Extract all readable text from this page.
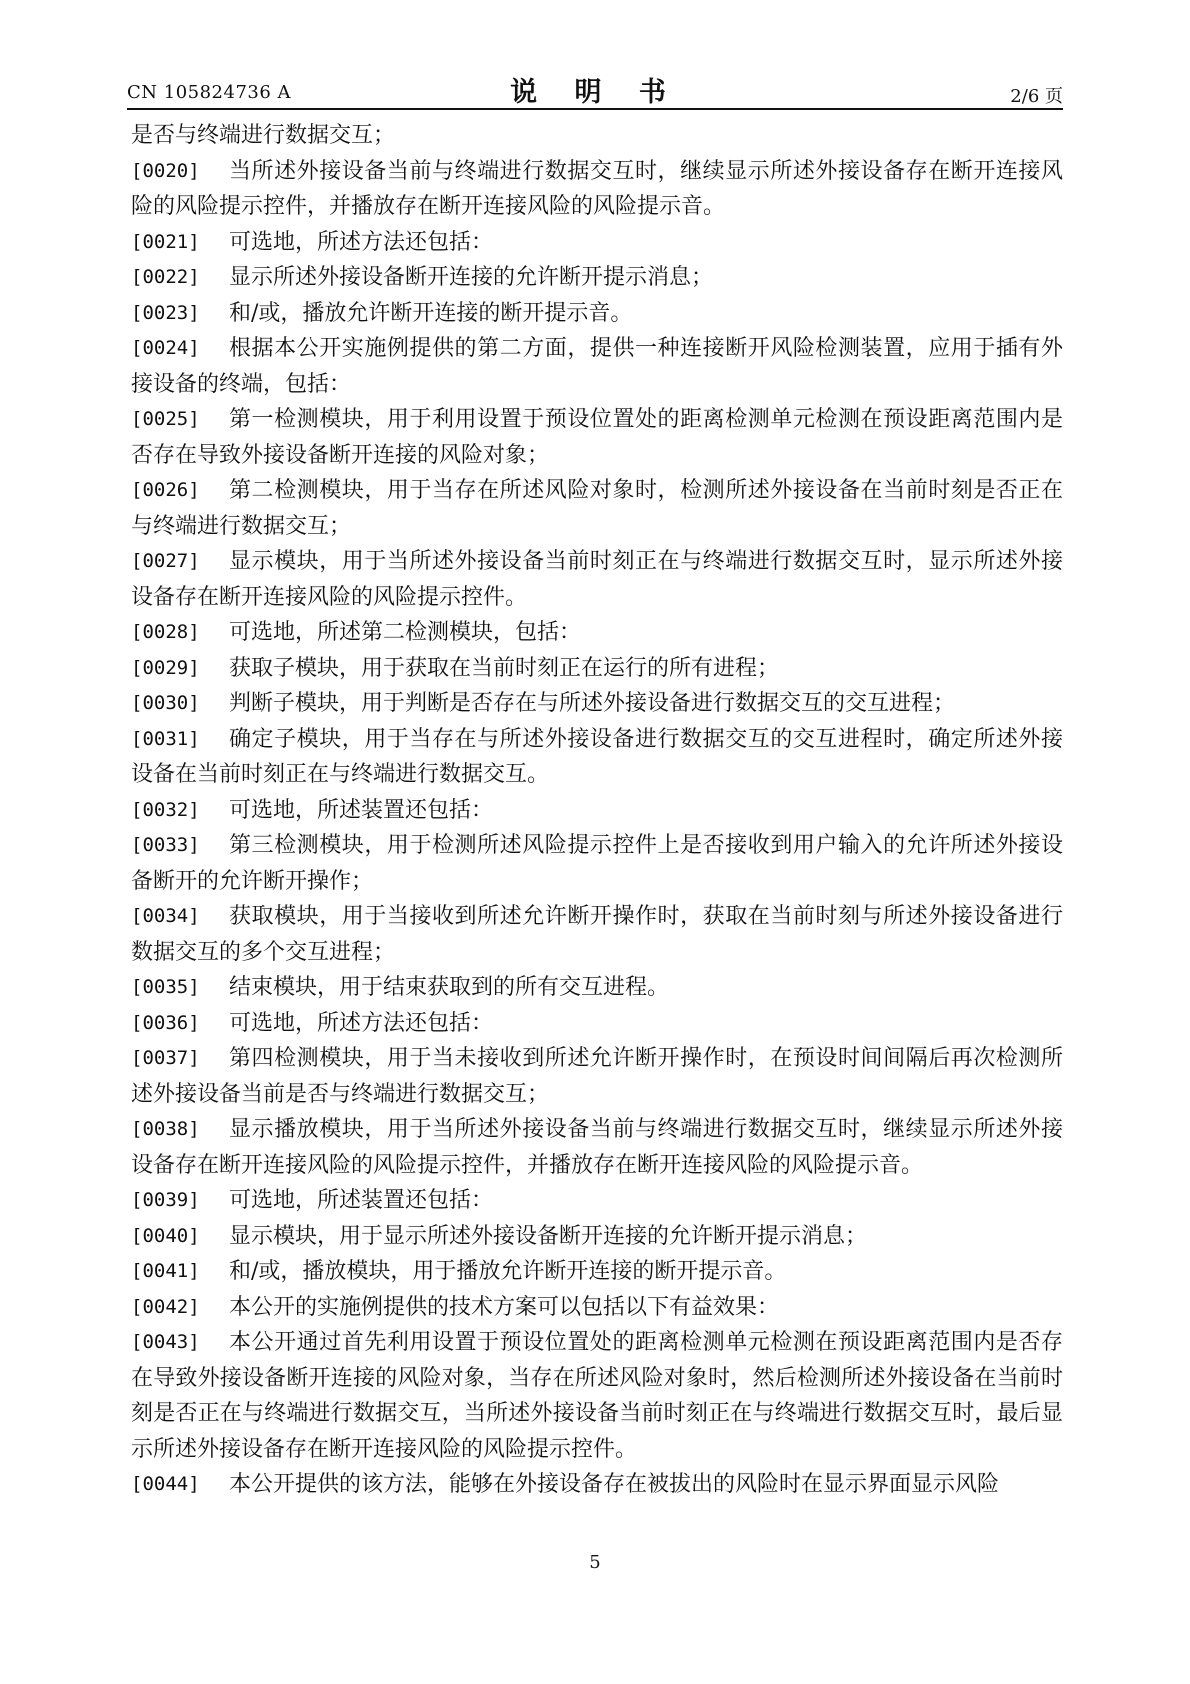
CN 105824736 A	说 明 书	2/6 页
是否与终端进行数据交互；
[0020]	当所述外接设备当前与终端进行数据交互时，继续显示所述外接设备存在断开连接风险的风险提示控件，并播放存在断开连接风险的风险提示音。
[0021]	可选地，所述方法还包括：
[0022]	显示所述外接设备断开连接的允许断开提示消息；
[0023]	和/或，播放允许断开连接的断开提示音。
[0024]	根据本公开实施例提供的第二方面，提供一种连接断开风险检测装置，应用于插有外接设备的终端，包括：
[0025]	第一检测模块，用于利用设置于预设位置处的距离检测单元检测在预设距离范围内是否存在导致外接设备断开连接的风险对象；
[0026]	第二检测模块，用于当存在所述风险对象时，检测所述外接设备在当前时刻是否正在与终端进行数据交互；
[0027]	显示模块，用于当所述外接设备当前时刻正在与终端进行数据交互时，显示所述外接设备存在断开连接风险的风险提示控件。
[0028]	可选地，所述第二检测模块，包括：
[0029]	获取子模块，用于获取在当前时刻正在运行的所有进程；
[0030]	判断子模块，用于判断是否存在与所述外接设备进行数据交互的交互进程；
[0031]	确定子模块，用于当存在与所述外接设备进行数据交互的交互进程时，确定所述外接设备在当前时刻正在与终端进行数据交互。
[0032]	可选地，所述装置还包括：
[0033]	第三检测模块，用于检测所述风险提示控件上是否接收到用户输入的允许所述外接设备断开的允许断开操作；
[0034]	获取模块，用于当接收到所述允许断开操作时，获取在当前时刻与所述外接设备进行数据交互的多个交互进程；
[0035]	结束模块，用于结束获取到的所有交互进程。
[0036]	可选地，所述方法还包括：
[0037]	第四检测模块，用于当未接收到所述允许断开操作时，在预设时间间隔后再次检测所述外接设备当前是否与终端进行数据交互；
[0038]	显示播放模块，用于当所述外接设备当前与终端进行数据交互时，继续显示所述外接设备存在断开连接风险的风险提示控件，并播放存在断开连接风险的风险提示音。
[0039]	可选地，所述装置还包括：
[0040]	显示模块，用于显示所述外接设备断开连接的允许断开提示消息；
[0041]	和/或，播放模块，用于播放允许断开连接的断开提示音。
[0042]	本公开的实施例提供的技术方案可以包括以下有益效果：
[0043]	本公开通过首先利用设置于预设位置处的距离检测单元检测在预设距离范围内是否存在导致外接设备断开连接的风险对象，当存在所述风险对象时，然后检测所述外接设备在当前时刻是否正在与终端进行数据交互，当所述外接设备当前时刻正在与终端进行数据交互时，最后显示所述外接设备存在断开连接风险的风险提示控件。
[0044]	本公开提供的该方法，能够在外接设备存在被拔出的风险时在显示界面显示风险
5
